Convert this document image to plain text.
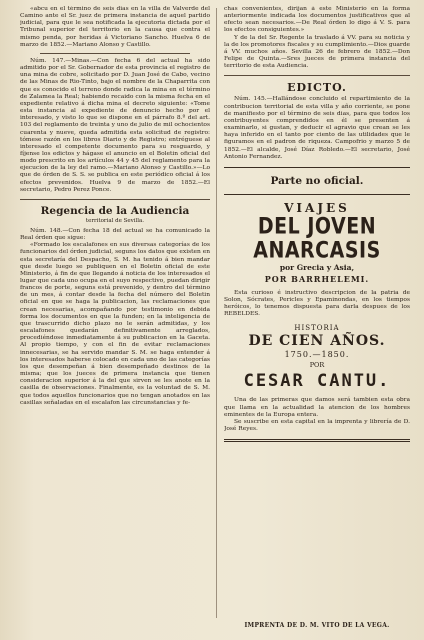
«abcu en el término de seis dias en la villa de Valverde del Camino ante el Sr. juez de primera instancia de aquel partido judicial, para que le sea notificada la ejecutoria dictada por el Tribunal superior del territorio en la causa que contra el mismo penda, por heridas á Victoriano Sancho. Huelva 6 de marzo de 1852.—Mariano Alonso y Castillo.

Núm. 147.—Minas.—Con fecha 6 del actual ha sido admitido por el Sr. Gobernador de esta provincia el registro de una mina de cobre, solicitado por D. Juan José de Cabo, vecino de las Minas de Rio-Tinto, bajo el nombre de la Chaparrita con que es conocido el terreno donde radica la mina en el término de Zalamea la Real; habiendo recaido con la misma fecha en el expediente relativo á dicha mina el decreto siguiente: «Tome esta instancia al expediente de denuncio hecho por el interesado, y visto lo que se dispone en el párrafo 8.º del art. 103 del reglamento de treinta y uno de julio de mil ochocientos cuarenta y nueve, queda admitida esta solicitud de registro: tómese razón en los libros Diario y de Registro; entréguese al interesado el competente documento para su resguardo, y fíjense los edictos y hágase el anuncio en el Boletin oficial del modo prescrito en los artículos 44 y 45 del reglamento para la ejecucion de la ley del ramo.—Mariano Alonso y Castillo.»—Lo que de órden de S. S. se publica en este periódico oficial á los efectos prevenidos. Huelva 9 de marzo de 1852.—El secretario, Pedro Perez Ponce.

Regencia de la Audiencia
territorial de Sevilla.

Núm. 148.—Con fecha 18 del actual se ha comunicado la Real órden que sigue:

«Formado los escalafones en sus diversas categorías de los funcionarios del órden judicial, seguns los datos que existen en esta secretaría del Despacho, S. M. ha tenido á bien mandar que desde luego se publiquen en el Boletin oficial de este Ministerio, á fin de que llegando á noticia de los interesados el lugar que cada uno ocupa en el suyo respectivo, puedan dirigir francos de porte, seguns está prevenido, y dentro del término de un mes, á contar desde la fecha del número del Boletin oficial en que se haga la publicacion, las reclamaciones que crean necesarias, acompañando por testimonio en debida forma los documentos en que la funden; en la inteligencia de que trascurrido dicho plazo no le serán admitidas, y los escalafones quedarán definitivamente arreglados, procediéndose inmediatamente á su publicacion en la Gaceta. Al propio tiempo, y con el fin de evitar reclamaciones innecesarias, se ha servido mandar S. M. se haga entender á los interesados haberse colocado en cada uno de las categorías los que desempeñan á bien desempeñado destinos de la misma; que los jueces de primera instancia que tienen consideracion superior á la del que sirven se les anote en la casilla de observaciones. Finalmente, es la voluntad de S. M. que todos aquellos funcionarios que no tengan anotados en las casillas señaladas en el escalafon las circunstancias y fe-

chas convenientes, dirijan á este Ministerio en la forma anteriormente indicada los documentos justificativos que al efecto sean necesarios.—De Real órden lo digo á V. S. para los efectos consiguientes.»

Y de la del Sr. Regente la traslado á VV. para su noticia y la de los promotores fiscales y su cumplimiento.—Dios guarde á VV. muchos años. Sevilla 26 de febrero de 1852.—Don Felipe de Quinta.—Sres jueces de primera instancia del territorio de esta Audiencia.

EDICTO.

Núm. 145.—Hallándose concluido el repartimiento de la contribucion territorial de esta villa y año corriente, se pone de manifiesto por el término de seis dias, para que todos los contribuyentes comprendidos en él se presenten á examinarlo, si gustan, y deducir el agravio que crean se les haya inferido en el tanto por ciento de las utilidades que le figuramos en el padron de riqueza. Campofrio y marzo 5 de 1852.—El alcalde, José Díaz Robledo.—El secretario, José Antonio Fernandez.

Parte no oficial.
VIAJES
DEL JOVEN ANARCASIS
por Grecia y Asia,
POR BARRHELEMI.

Esta curioso é instructivo descripcion de la patria de Solon, Sócrates, Pericles y Epaminondas, en los tiempos heróicos, lo tenemos dispuesta para darla despues de los REBELDES.

HISTORIA
DE CIEN AÑOS.
1750.—1850.
POR
CESAR CANTU.

Una de las primeras que damos será tambien esta obra que llama en la actualidad la atencion de los hombres eminentes de la Europa entera.

Se suscribe en esta capital en la imprenta y librería de D. José Reyes.

IMPRENTA DE D. M. VITO DE LA VEGA.
